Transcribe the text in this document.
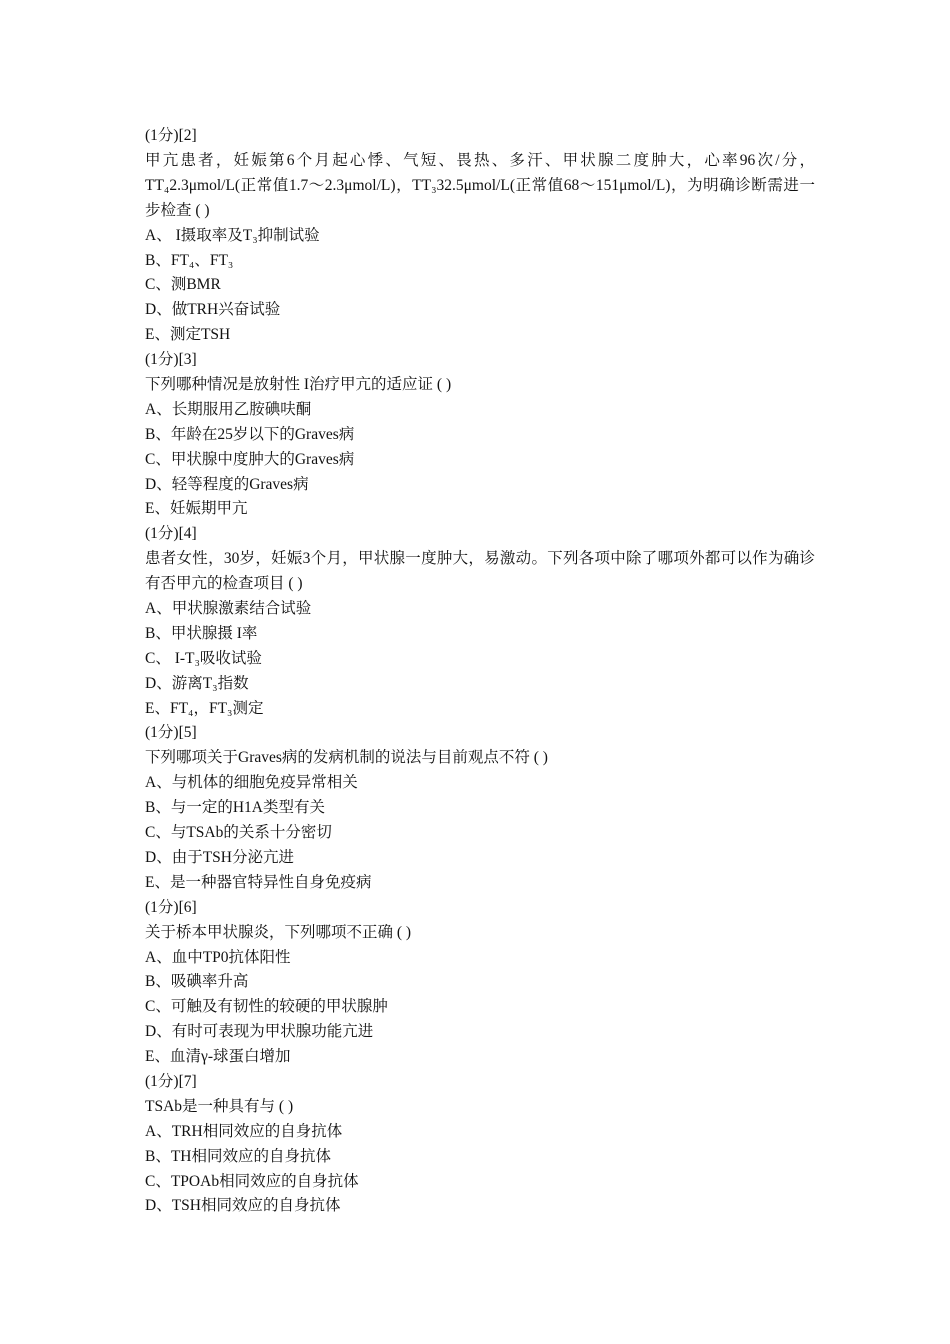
(1分)[2]
甲亢患者，妊娠第6个月起心悸、气短、畏热、多汗、甲状腺二度肿大，心率96次/分，TT₄2.3μmol/L(正常值1.7～2.3μmol/L)，TT₃32.5μmol/L(正常值68～151μmol/L)，为明确诊断需进一步检查 ( )
A、 I摄取率及T₃抑制试验
B、FT₄、FT₃
C、测BMR
D、做TRH兴奋试验
E、测定TSH
(1分)[3]
下列哪种情况是放射性 I治疗甲亢的适应证 ( )
A、长期服用乙胺碘呋酮
B、年龄在25岁以下的Graves病
C、甲状腺中度肿大的Graves病
D、轻等程度的Graves病
E、妊娠期甲亢
(1分)[4]
患者女性，30岁，妊娠3个月，甲状腺一度肿大，易激动。下列各项中除了哪项外都可以作为确诊有否甲亢的检查项目 ( )
A、甲状腺激素结合试验
B、甲状腺摄 I率
C、 I-T₃吸收试验
D、游离T₃指数
E、FT₄，FT₃测定
(1分)[5]
下列哪项关于Graves病的发病机制的说法与目前观点不符 ( )
A、与机体的细胞免疫异常相关
B、与一定的H1A类型有关
C、与TSAb的关系十分密切
D、由于TSH分泌亢进
E、是一种器官特异性自身免疫病
(1分)[6]
关于桥本甲状腺炎，下列哪项不正确 ( )
A、血中TP0抗体阳性
B、吸碘率升高
C、可触及有韧性的较硬的甲状腺肿
D、有时可表现为甲状腺功能亢进
E、血清γ-球蛋白增加
(1分)[7]
TSAb是一种具有与 ( )
A、TRH相同效应的自身抗体
B、TH相同效应的自身抗体
C、TPOAb相同效应的自身抗体
D、TSH相同效应的自身抗体
